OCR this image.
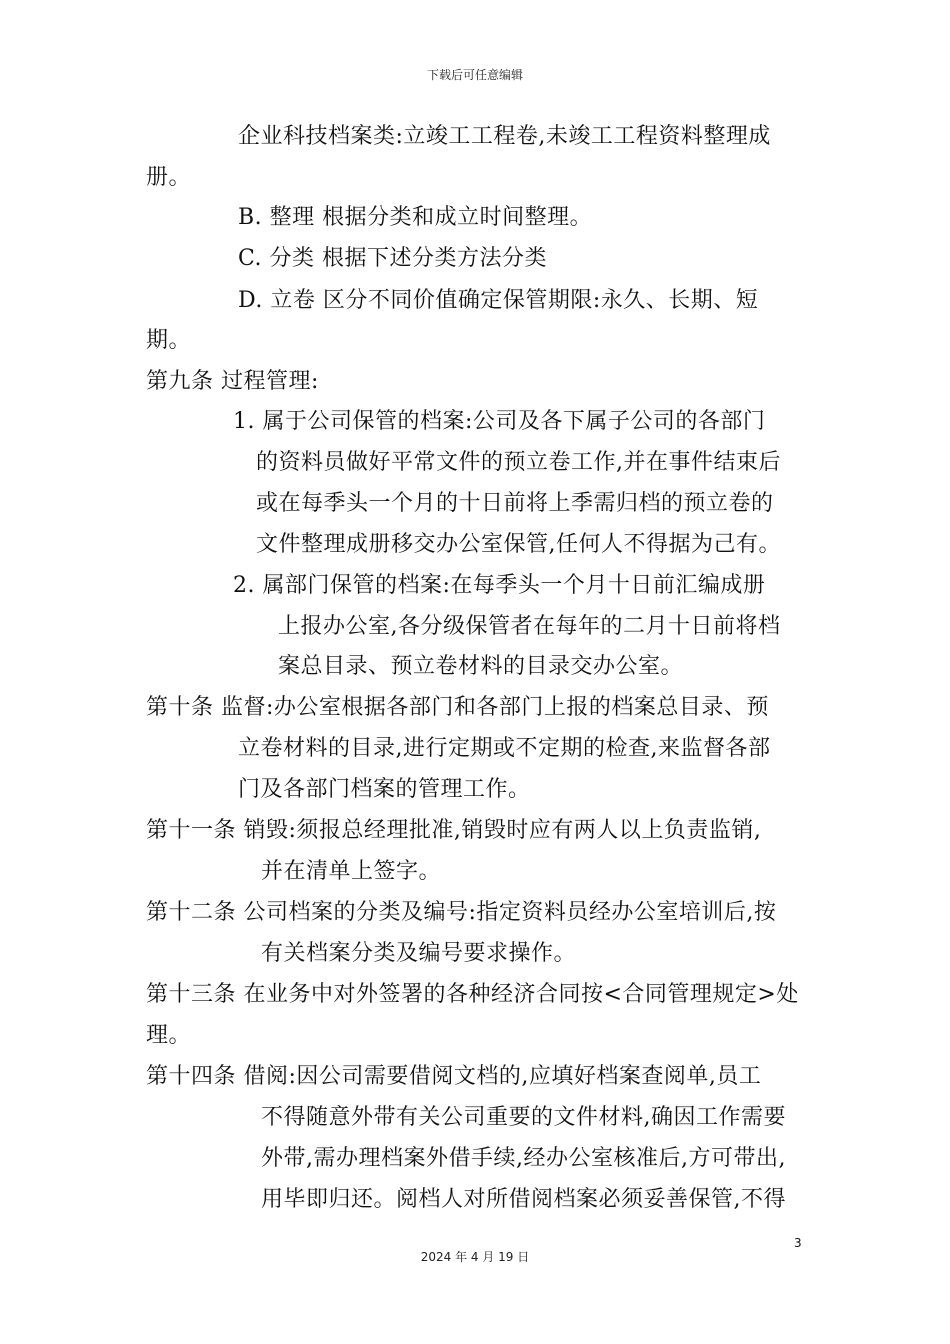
下载后可任意编辑
企业科技档案类:立竣工工程卷,未竣工工程资料整理成
册。
B. 整理 根据分类和成立时间整理。
C. 分类 根据下述分类方法分类
D. 立卷 区分不同价值确定保管期限:永久、长期、短
期。
第九条 过程管理:
1. 属于公司保管的档案:公司及各下属子公司的各部门
的资料员做好平常文件的预立卷工作,并在事件结束后
或在每季头一个月的十日前将上季需归档的预立卷的
文件整理成册移交办公室保管,任何人不得据为己有。
2. 属部门保管的档案:在每季头一个月十日前汇编成册
上报办公室,各分级保管者在每年的二月十日前将档
案总目录、预立卷材料的目录交办公室。
第十条 监督:办公室根据各部门和各部门上报的档案总目录、预
立卷材料的目录,进行定期或不定期的检查,来监督各部
门及各部门档案的管理工作。
第十一条 销毁:须报总经理批准,销毁时应有两人以上负责监销,
并在清单上签字。
第十二条 公司档案的分类及编号:指定资料员经办公室培训后,按
有关档案分类及编号要求操作。
第十三条 在业务中对外签署的各种经济合同按<合同管理规定>处
理。
第十四条 借阅:因公司需要借阅文档的,应填好档案查阅单,员工
不得随意外带有关公司重要的文件材料,确因工作需要
外带,需办理档案外借手续,经办公室核准后,方可带出,
用毕即归还。阅档人对所借阅档案必须妥善保管,不得
3
2024 年 4 月 19 日
